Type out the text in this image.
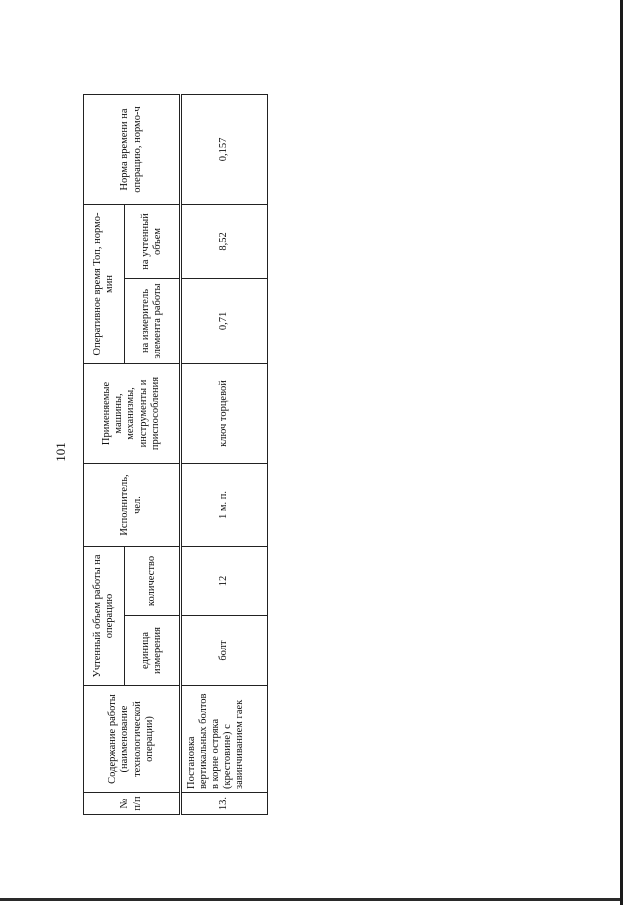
101
№ п/п	Содержание работы (наименование технологической операции)	Учтенный объем работы на операцию		Исполнитель, чел.	Применяемые машины, механизмы, инструменты и приспособления	Оперативное время Топ, нормо-мин		Норма времени на операцию, нормо-ч
		единица измерения	количество			на измеритель элемента работы	на учтенный объем	
13.	Постановка вертикальных болтов в корне остряка (крестовине) с завинчиванием гаек	болт	12	1 м. п.	ключ торцевой	0,71	8,52	0,157
